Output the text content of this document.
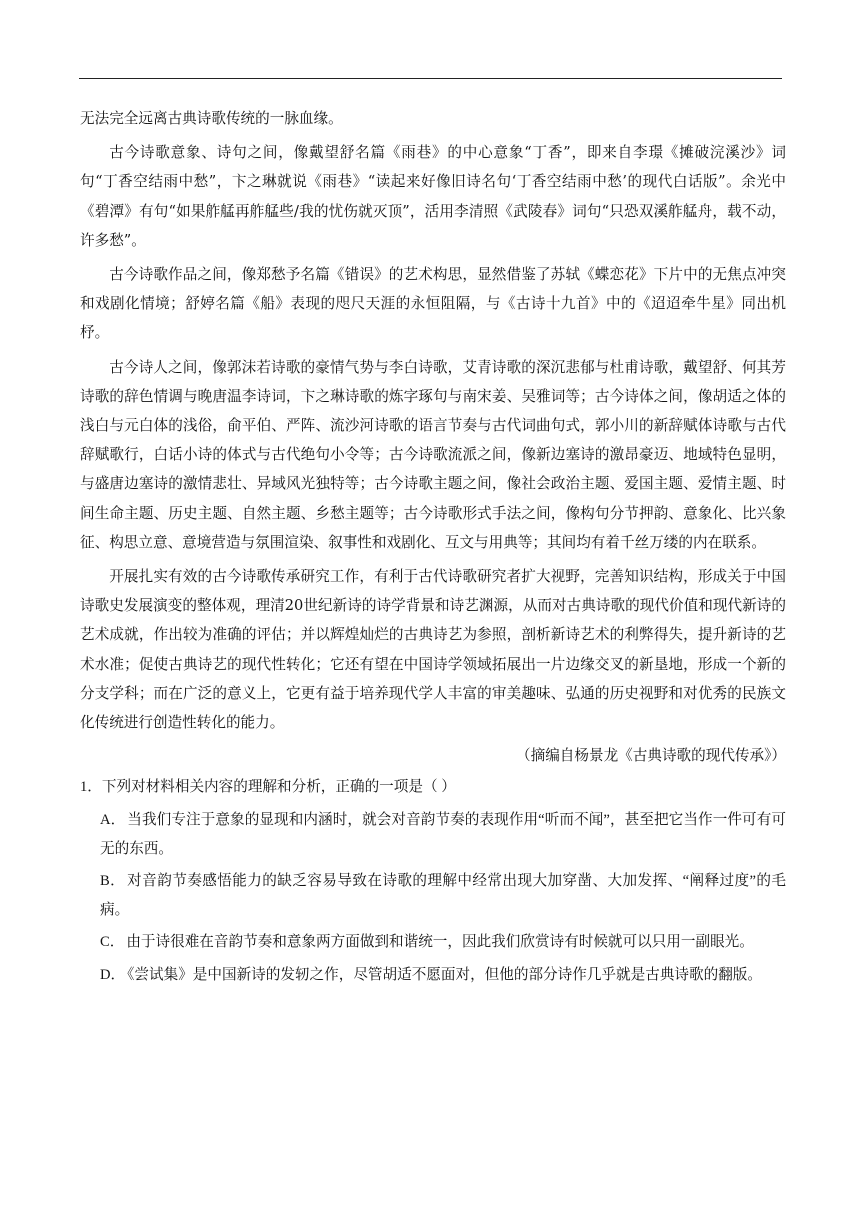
无法完全远离古典诗歌传统的一脉血缘。

古今诗歌意象、诗句之间，像戴望舒名篇《雨巷》的中心意象“丁香”，即来自李璟《摊破浣溪沙》词句“丁香空结雨中愁”，卞之琳就说《雨巷》“读起来好像旧诗名句‘丁香空结雨中愁’的现代白话版”。余光中《碧潭》有句“如果舴艋再舴艋些/我的忧伤就灭顶”，活用李清照《武陵春》词句“只恐双溪舴艋舟，载不动，许多愁”。

古今诗歌作品之间，像郑愁予名篇《错误》的艺术构思，显然借鉴了苏轼《蝶恋花》下片中的无焦点冲突和戏剧化情境；舒婷名篇《船》表现的咫尺天涯的永恒阻隔，与《古诗十九首》中的《迢迢牵牛星》同出机杼。

古今诗人之间，像郭沫若诗歌的豪情气势与李白诗歌，艾青诗歌的深沉悲郁与杜甫诗歌，戴望舒、何其芳诗歌的辞色情调与晚唐温李诗词，卞之琳诗歌的炼字琢句与南宋姜、吴雅词等；古今诗体之间，像胡适之体的浅白与元白体的浅俗，俞平伯、严阵、流沙河诗歌的语言节奏与古代词曲句式，郭小川的新辞赋体诗歌与古代辞赋歌行，白话小诗的体式与古代绝句小令等；古今诗歌流派之间，像新边塞诗的激昂豪迈、地域特色显明，与盛唐边塞诗的激情悲壮、异域风光独特等；古今诗歌主题之间，像社会政治主题、爱国主题、爱情主题、时间生命主题、历史主题、自然主题、乡愁主题等；古今诗歌形式手法之间，像构句分节押韵、意象化、比兴象征、构思立意、意境营造与氛围渲染、叙事性和戏剧化、互文与用典等；其间均有着千丝万缕的内在联系。

开展扎实有效的古今诗歌传承研究工作，有利于古代诗歌研究者扩大视野，完善知识结构，形成关于中国诗歌史发展演变的整体观，理清20世纪新诗的诗学背景和诗艺渊源，从而对古典诗歌的现代价值和现代新诗的艺术成就，作出较为准确的评估；并以辉煌灿烂的古典诗艺为参照，剖析新诗艺术的利弊得失，提升新诗的艺术水准；促使古典诗艺的现代性转化；它还有望在中国诗学领域拓展出一片边缘交叉的新垦地，形成一个新的分支学科；而在广泛的意义上，它更有益于培养现代学人丰富的审美趣味、弘通的历史视野和对优秀的民族文化传统进行创造性转化的能力。

（摘编自杨景龙《古典诗歌的现代传承》）
1．下列对材料相关内容的理解和分析，正确的一项是（ ）
A． 当我们专注于意象的显现和内涵时，就会对音韵节奏的表现作用“听而不闻”，甚至把它当作一件可有可无的东西。
B． 对音韵节奏感悟能力的缺乏容易导致在诗歌的理解中经常出现大加穿凿、大加发挥、“阐释过度”的毛病。
C． 由于诗很难在音韵节奏和意象两方面做到和谐统一，因此我们欣赏诗有时候就可以只用一副眼光。
D． 《尝试集》是中国新诗的发轫之作，尽管胡适不愿面对，但他的部分诗作几乎就是古典诗歌的翻版。
